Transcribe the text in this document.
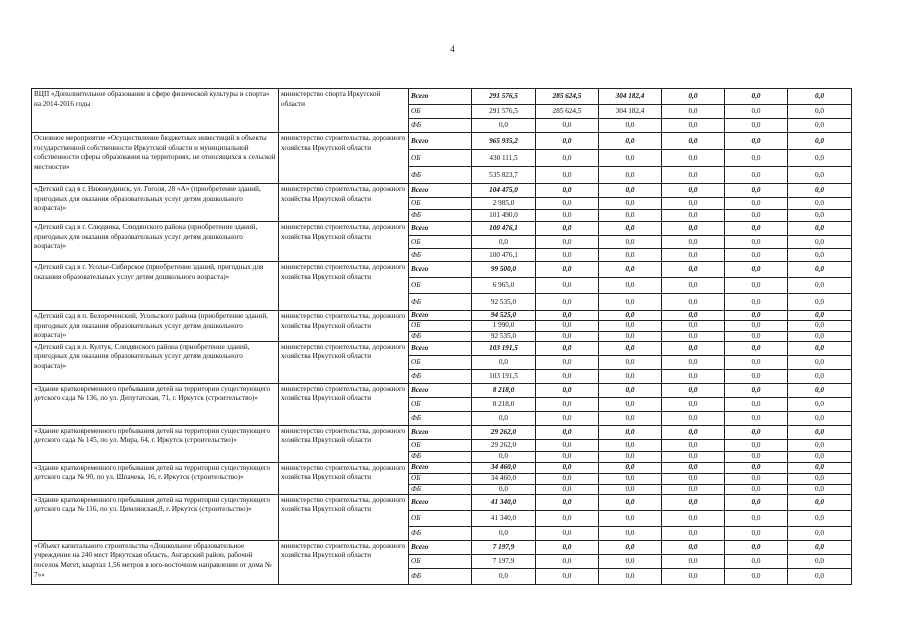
4
ВЦП «Дополнительное образование в сфере физической культуры и спорта» на 2014-2016 годы	министерство спорта Иркутской области	Всего	291 576,5	285 624,5	304 182,4	0,0	0,0	0,0	
		ОБ	291 576,5	285 624,5	304 182,4	0,0	0,0	0,0	
		ФБ	0,0	0,0	0,0	0,0	0,0	0,0	
Основное мероприятие «Осуществление бюджетных инвестиций в объекты государственной собственности Иркутской области и муниципальной собственности сферы образования на территориях, не относящихся к сельской местности»	министерство строительства, дорожного хозяйства Иркутской области	Всего	965 935,2	0,0	0,0	0,0	0,0	0,0	
		ОБ	430 111,5	0,0	0,0	0,0	0,0	0,0	
		ФБ	535 823,7	0,0	0,0	0,0	0,0	0,0	
«Детский сад в г. Нижнеудинск, ул. Гоголя, 28 «А» (приобретение зданий, пригодных для оказания образовательных услуг детям дошкольного возраста)»	министерство строительства, дорожного хозяйства Иркутской области	Всего	104 475,0	0,0	0,0	0,0	0,0	0,0	
		ОБ	2 985,0	0,0	0,0	0,0	0,0	0,0	
		ФБ	101 490,0	0,0	0,0	0,0	0,0	0,0	
«Детский сад в г. Слюдянка, Слюдянского района (приобретение зданий, пригодных для оказания образовательных услуг детям дошкольного возраста)»	министерство строительства, дорожного хозяйства Иркутской области	Всего	100 476,1	0,0	0,0	0,0	0,0	0,0	
		ОБ	0,0	0,0	0,0	0,0	0,0	0,0	
		ФБ	100 476,1	0,0	0,0	0,0	0,0	0,0	
«Детский сад в г. Усолье-Сибирское (приобретение зданий, пригодных для оказания образовательных услуг детям дошкольного возраста)»	министерство строительства, дорожного хозяйства Иркутской области	Всего	99 500,0	0,0	0,0	0,0	0,0	0,0	
		ОБ	6 965,0	0,0	0,0	0,0	0,0	0,0	
		ФБ	92 535,0	0,0	0,0	0,0	0,0	0,0	
«Детский сад в п. Белореченский, Усольского района (приобретение зданий, пригодных для оказания образовательных услуг детям дошкольного возраста)»	министерство строительства, дорожного хозяйства Иркутской области	Всего	94 525,0	0,0	0,0	0,0	0,0	0,0	
		ОБ	1 990,0	0,0	0,0	0,0	0,0	0,0	
		ФБ	92 535,0	0,0	0,0	0,0	0,0	0,0	
«Детский сад в п. Култук, Слюдянского района (приобретение зданий, пригодных для оказания образовательных услуг детям дошкольного возраста)»	министерство строительства, дорожного хозяйства Иркутской области	Всего	103 191,5	0,0	0,0	0,0	0,0	0,0	
		ОБ	0,0	0,0	0,0	0,0	0,0	0,0	
		ФБ	103 191,5	0,0	0,0	0,0	0,0	0,0	
«Здание кратковременного пребывания детей на территории существующего детского сада № 136, по ул. Депутатская, 71, г. Иркутск (строительство)»	министерство строительства, дорожного хозяйства Иркутской области	Всего	8 218,0	0,0	0,0	0,0	0,0	0,0	
		ОБ	8 218,0	0,0	0,0	0,0	0,0	0,0	
		ФБ	0,0	0,0	0,0	0,0	0,0	0,0	
«Здание кратковременного пребывания детей на территории существующего детского сада № 145, по ул. Мира, 64, г. Иркутск (строительство)»	министерство строительства, дорожного хозяйства Иркутской области	Всего	29 262,0	0,0	0,0	0,0	0,0	0,0	
		ОБ	29 262,0	0,0	0,0	0,0	0,0	0,0	
		ФБ	0,0	0,0	0,0	0,0	0,0	0,0	
«Здание кратковременного пребывания детей на территории существующего детского сада № 90, по ул. Шпачека, 16, г. Иркутск (строительство)»	министерство строительства, дорожного хозяйства Иркутской области	Всего	34 460,0	0,0	0,0	0,0	0,0	0,0	
		ОБ	34 460,0	0,0	0,0	0,0	0,0	0,0	
		ФБ	0,0	0,0	0,0	0,0	0,0	0,0	
«Здание кратковременного пребывания детей на территории существующего детского сада № 116, по ул. Цимлянская,8, г. Иркутск (строительство)»	министерство строительства, дорожного хозяйства Иркутской области	Всего	41 340,0	0,0	0,0	0,0	0,0	0,0	
		ОБ	41 340,0	0,0	0,0	0,0	0,0	0,0	
		ФБ	0,0	0,0	0,0	0,0	0,0	0,0	
«Объект капитального строительства «Дошкольное образовательное учреждение на 240 мест Иркутская область, Ангарский район, рабочий поселок Мегет, квартал 1,56 метров в юго-восточном направлении от дома № 7»»	министерство строительства, дорожного хозяйства Иркутской области	Всего	7 197,9	0,0	0,0	0,0	0,0	0,0	
		ОБ	7 197,9	0,0	0,0	0,0	0,0	0,0	
		ФБ	0,0	0,0	0,0	0,0	0,0	0,0	
